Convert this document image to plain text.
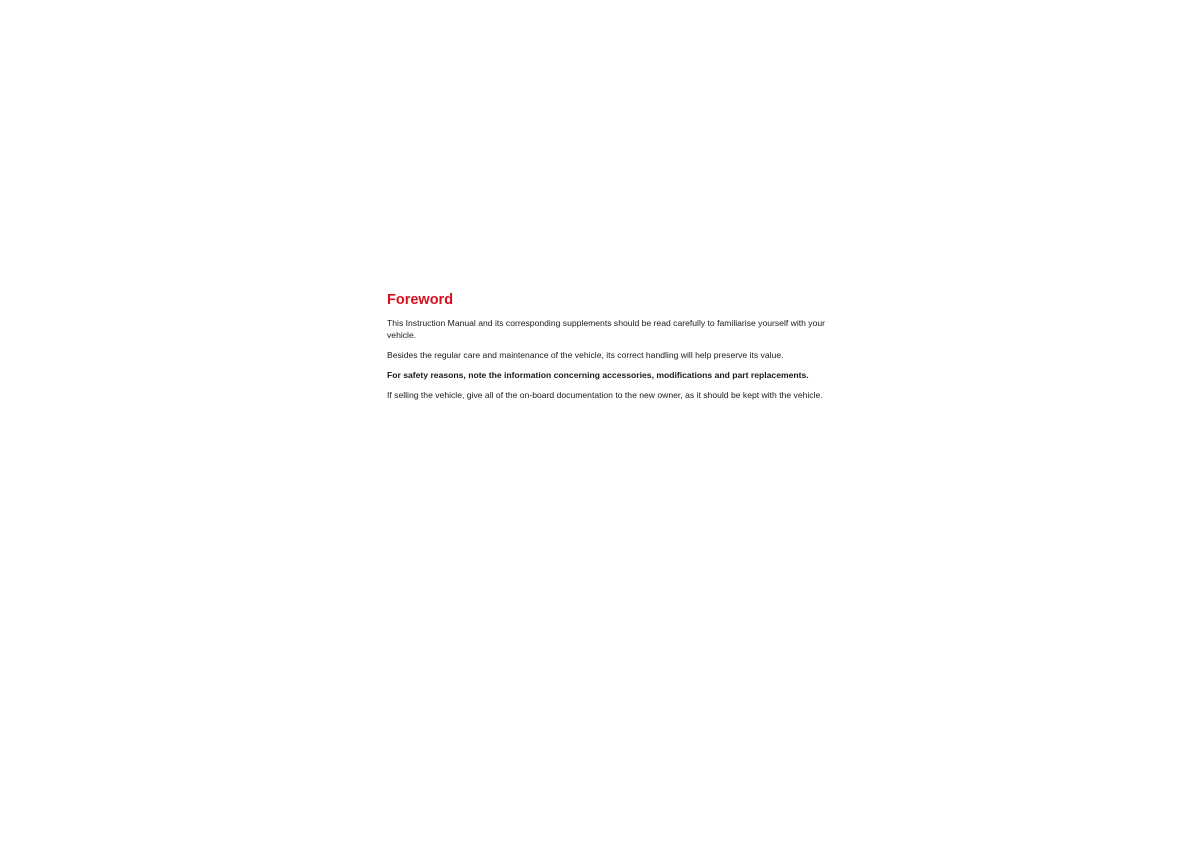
Foreword

This Instruction Manual and its corresponding supplements should be read carefully to familiarise yourself with your vehicle.

Besides the regular care and maintenance of the vehicle, its correct handling will help preserve its value.

For safety reasons, note the information concerning accessories, modifications and part replacements.

If selling the vehicle, give all of the on-board documentation to the new owner, as it should be kept with the vehicle.
